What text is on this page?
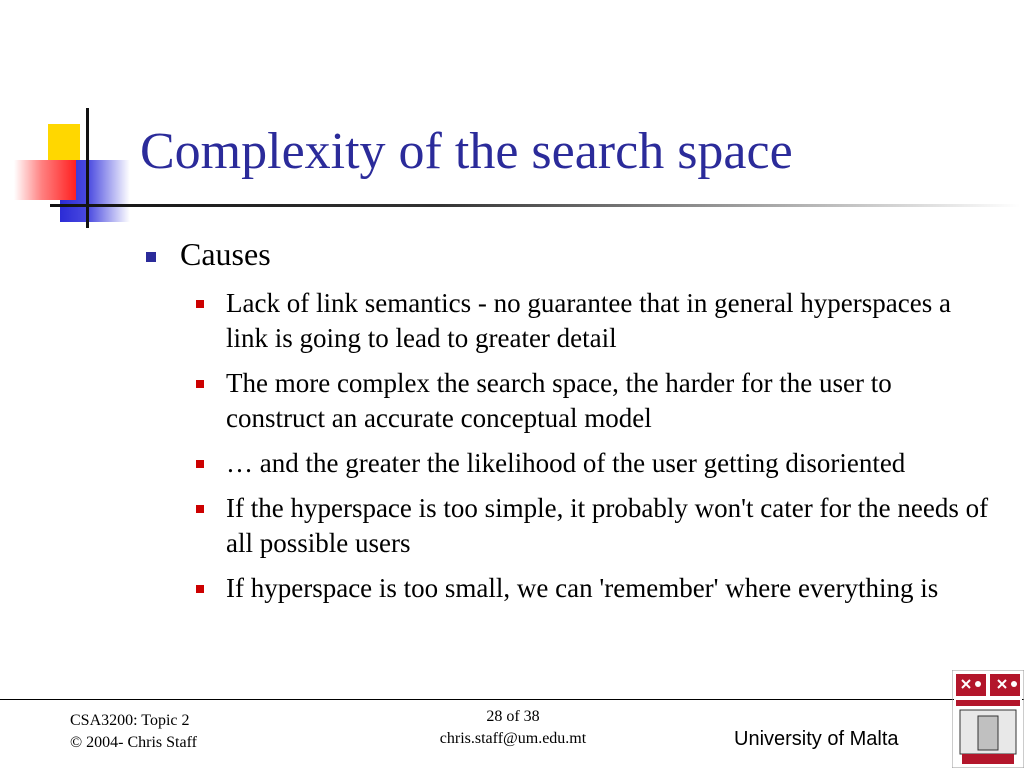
Complexity of the search space
Causes
Lack of link semantics - no guarantee that in general hyperspaces a link is going to lead to greater detail
The more complex the search space, the harder for the user to construct an accurate conceptual model
… and the greater the likelihood of the user getting disoriented
If the hyperspace is too simple, it probably won't cater for the needs of all possible users
If hyperspace is too small, we can 'remember' where everything is
CSA3200: Topic 2
© 2004- Chris Staff
28 of 38
chris.staff@um.edu.mt	University of Malta
